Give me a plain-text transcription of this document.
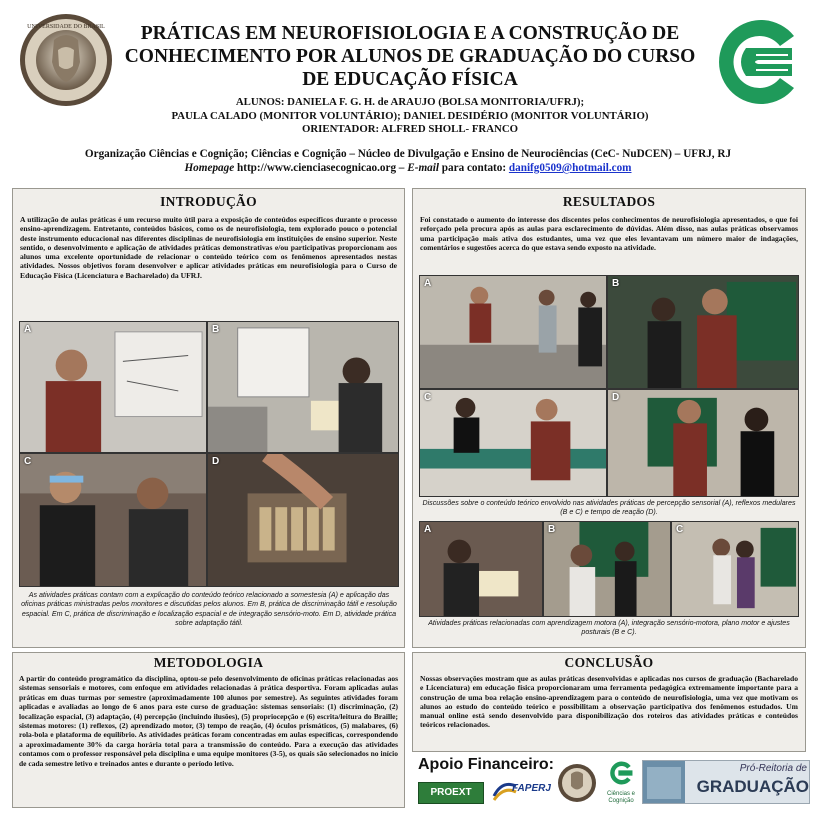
UNIVERSIDADE DO BRASIL	PRÁTICAS EM NEUROFISIOLOGIA E A CONSTRUÇÃO DE CONHECIMENTO POR ALUNOS DE GRADUAÇÃO DO CURSO DE EDUCAÇÃO FÍSICA
ALUNOS: DANIELA F. G. H. de ARAUJO (BOLSA MONITORIA/UFRJ);
PAULA CALADO (MONITOR VOLUNTÁRIO); DANIEL DESIDÉRIO (MONITOR VOLUNTÁRIO)
ORIENTADOR: ALFRED SHOLL- FRANCO
Organização Ciências e Cognição; Ciências e Cognição – Núcleo de Divulgação e Ensino de Neurociências (CeC- NuDCEN) – UFRJ, RJ
Homepage http://www.cienciasecognicao.org – E-mail para contato: danifg0509@hotmail.com
INTRODUÇÃO
A utilização de aulas práticas é um recurso muito útil para a exposição de conteúdos específicos durante o processo ensino-aprendizagem. Entretanto, conteúdos básicos, como os de neurofisiologia, tem explorado pouco o potencial deste instrumento educacional nas diferentes disciplinas de neurofisiologia em instituições de ensino superior. Neste sentido, o desenvolvimento e aplicação de atividades práticas demonstrativas e/ou participativas proporcionam aos alunos uma excelente oportunidade de relacionar o conteúdo teórico com os fenômenos apresentados nestas atividades. Nossos objetivos foram desenvolver e aplicar atividades práticas em neurofisiologia para o Curso de Educação Física (Licenciatura e Bacharelado) da UFRJ.
A	B
C	D
As atividades práticas contam com a explicação do conteúdo teórico relacionado a somestesia (A) e aplicação das oficinas práticas ministradas pelos monitores e discutidas pelos alunos. Em B, prática de discriminação tátil e resolução espacial. Em C, prática de discriminação e localização espacial e de integração sensório-moto. Em D, atividade prática sobre adaptação tátil.
RESULTADOS
Foi constatado o aumento do interesse dos discentes pelos conhecimentos de neurofisiologia apresentados, o que foi reforçado pela procura após as aulas para esclarecimento de dúvidas. Além disso, nas aulas práticas observamos uma participação mais ativa dos estudantes, uma vez que eles levantavam um número maior de indagações, comentários e sugestões acerca do que estava sendo exposto na atividade.
A	B
C	D
Discussões sobre o conteúdo teórico envolvido nas atividades práticas de percepção sensorial (A), reflexos medulares (B e C) e tempo de reação (D).
A	B	C
Atividades práticas relacionadas com aprendizagem motora (A), integração sensório-motora, plano motor e ajustes posturais (B e C).
METODOLOGIA
A partir do conteúdo programático da disciplina, optou-se pelo desenvolvimento de oficinas práticas relacionadas aos sistemas sensoriais e motores, com enfoque em atividades relacionadas à prática desportiva. Foram aplicadas aulas práticas em duas turmas por semestre (aproximadamente 100 alunos por semestre). As seguintes atividades foram aplicadas e avaliadas ao longo de 6 anos para este curso de graduação: sistemas sensoriais: (1) discriminação, (2) localização espacial, (3) adaptação, (4) percepção (incluindo ilusões), (5) propriocepção e (6) escrita/leitura do Braille; sistemas motores: (1) reflexos, (2) aprendizado motor, (3) tempo de reação, (4) óculos prismáticos, (5) malabares, (6) rola-bola e plataforma de equilíbrio. As atividades práticas foram concentradas em aulas específicas, correspondendo a aproximadamente 30% da carga horária total para a transmissão do conteúdo. Para a execução das atividades contamos com o professor responsável pela disciplina e uma equipe monitores (3-5), os quais são selecionados no início de cada semestre letivo e treinados antes e durante o período letivo.
CONCLUSÃO
Nossas observações mostram que as aulas práticas desenvolvidas e aplicadas nos cursos de graduação (Bacharelado e Licenciatura) em educação física proporcionaram uma ferramenta pedagógica extremamente importante para a construção de uma boa relação ensino-aprendizagem para o conteúdo de neurofisiologia, uma vez que motivam os alunos ao estudo do conteúdo teórico e possibilitam a observação participativa dos fenômenos estudados. Um manual online está sendo desenvolvido para disponibilização dos roteiros das atividades práticas e conteúdos teóricos relacionados.
Apoio Financeiro:
PROEXT	FAPERJ	Ciências e
Cognição
Pró-Reitoria de
GRADUAÇÃO
